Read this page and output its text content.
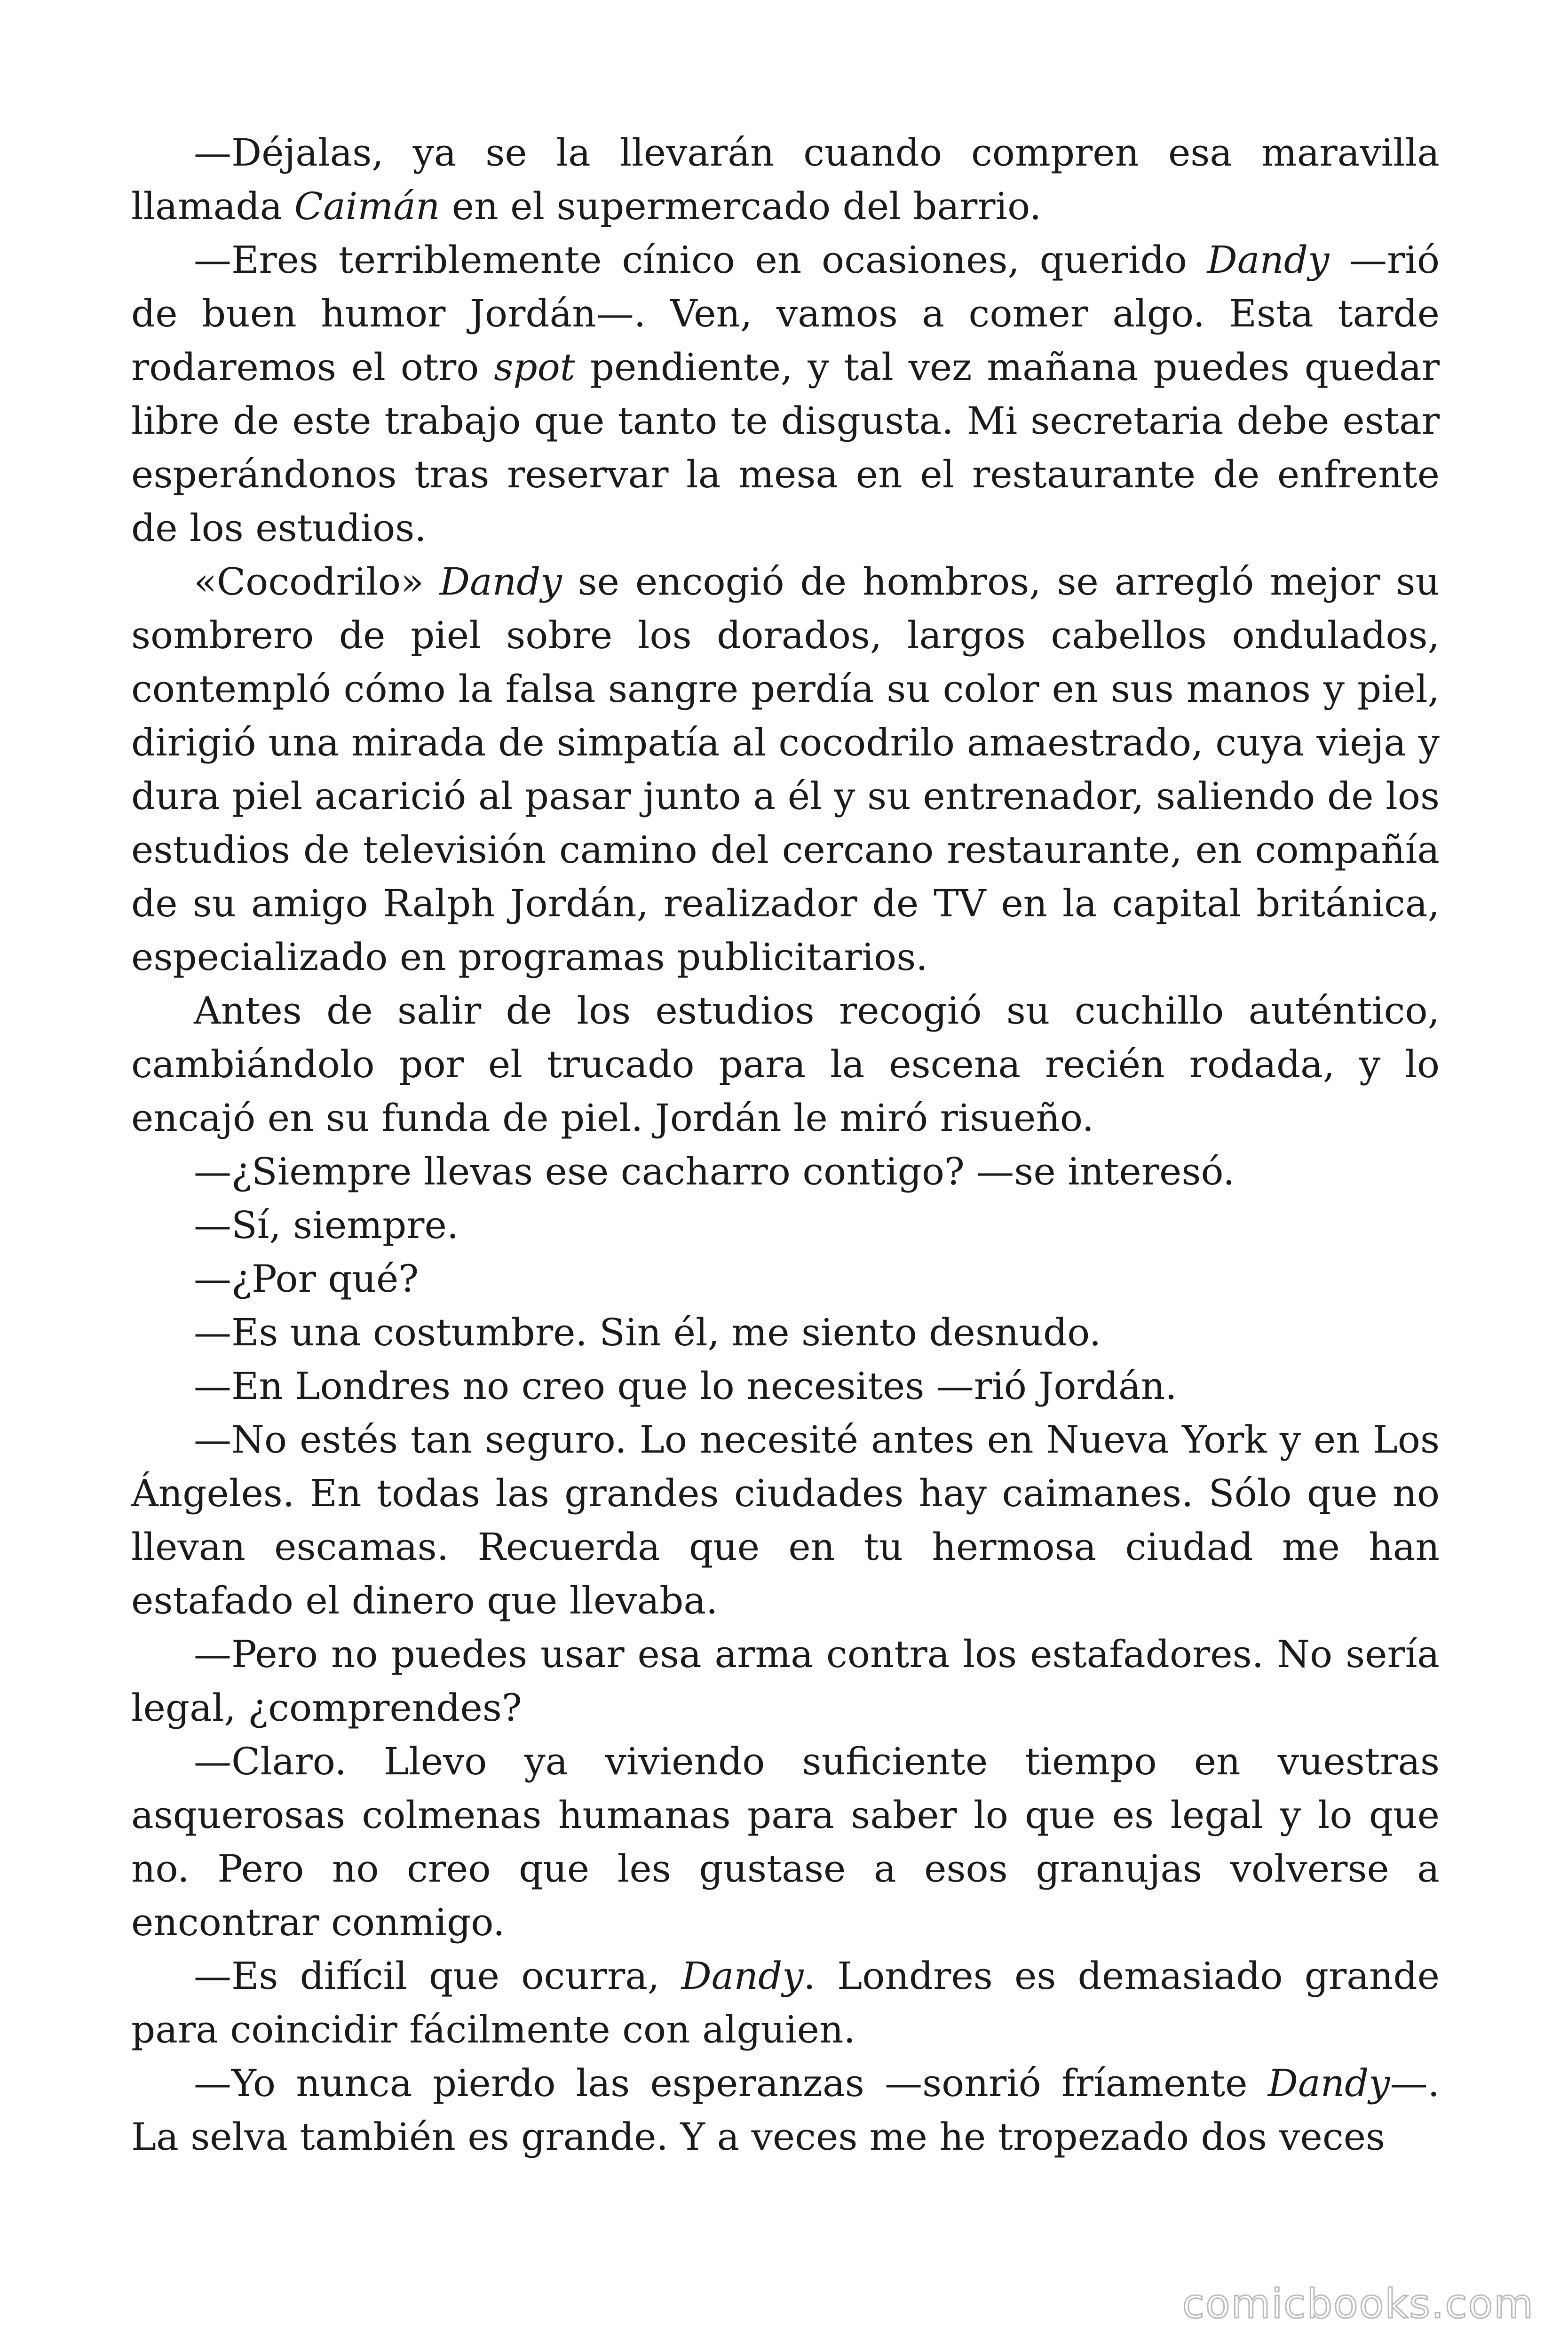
—Déjalas, ya se la llevarán cuando compren esa maravilla llamada Caimán en el supermercado del barrio.

—Eres terriblemente cínico en ocasiones, querido Dandy —rió de buen humor Jordán—. Ven, vamos a comer algo. Esta tarde rodaremos el otro spot pendiente, y tal vez mañana puedes quedar libre de este trabajo que tanto te disgusta. Mi secretaria debe estar esperándonos tras reservar la mesa en el restaurante de enfrente de los estudios.

«Cocodrilo» Dandy se encogió de hombros, se arregló mejor su sombrero de piel sobre los dorados, largos cabellos ondulados, contempló cómo la falsa sangre perdía su color en sus manos y piel, dirigió una mirada de simpatía al cocodrilo amaestrado, cuya vieja y dura piel acarició al pasar junto a él y su entrenador, saliendo de los estudios de televisión camino del cercano restaurante, en compañía de su amigo Ralph Jordán, realizador de TV en la capital británica, especializado en programas publicitarios.

Antes de salir de los estudios recogió su cuchillo auténtico, cambiándolo por el trucado para la escena recién rodada, y lo encajó en su funda de piel. Jordán le miró risueño.

—¿Siempre llevas ese cacharro contigo? —se interesó.

—Sí, siempre.

—¿Por qué?

—Es una costumbre. Sin él, me siento desnudo.

—En Londres no creo que lo necesites —rió Jordán.

—No estés tan seguro. Lo necesité antes en Nueva York y en Los Ángeles. En todas las grandes ciudades hay caimanes. Sólo que no llevan escamas. Recuerda que en tu hermosa ciudad me han estafado el dinero que llevaba.

—Pero no puedes usar esa arma contra los estafadores. No sería legal, ¿comprendes?

—Claro. Llevo ya viviendo suficiente tiempo en vuestras asquerosas colmenas humanas para saber lo que es legal y lo que no. Pero no creo que les gustase a esos granujas volverse a encontrar conmigo.

—Es difícil que ocurra, Dandy. Londres es demasiado grande para coincidir fácilmente con alguien.

—Yo nunca pierdo las esperanzas —sonrió fríamente Dandy—. La selva también es grande. Y a veces me he tropezado dos veces

comicbooks.com
